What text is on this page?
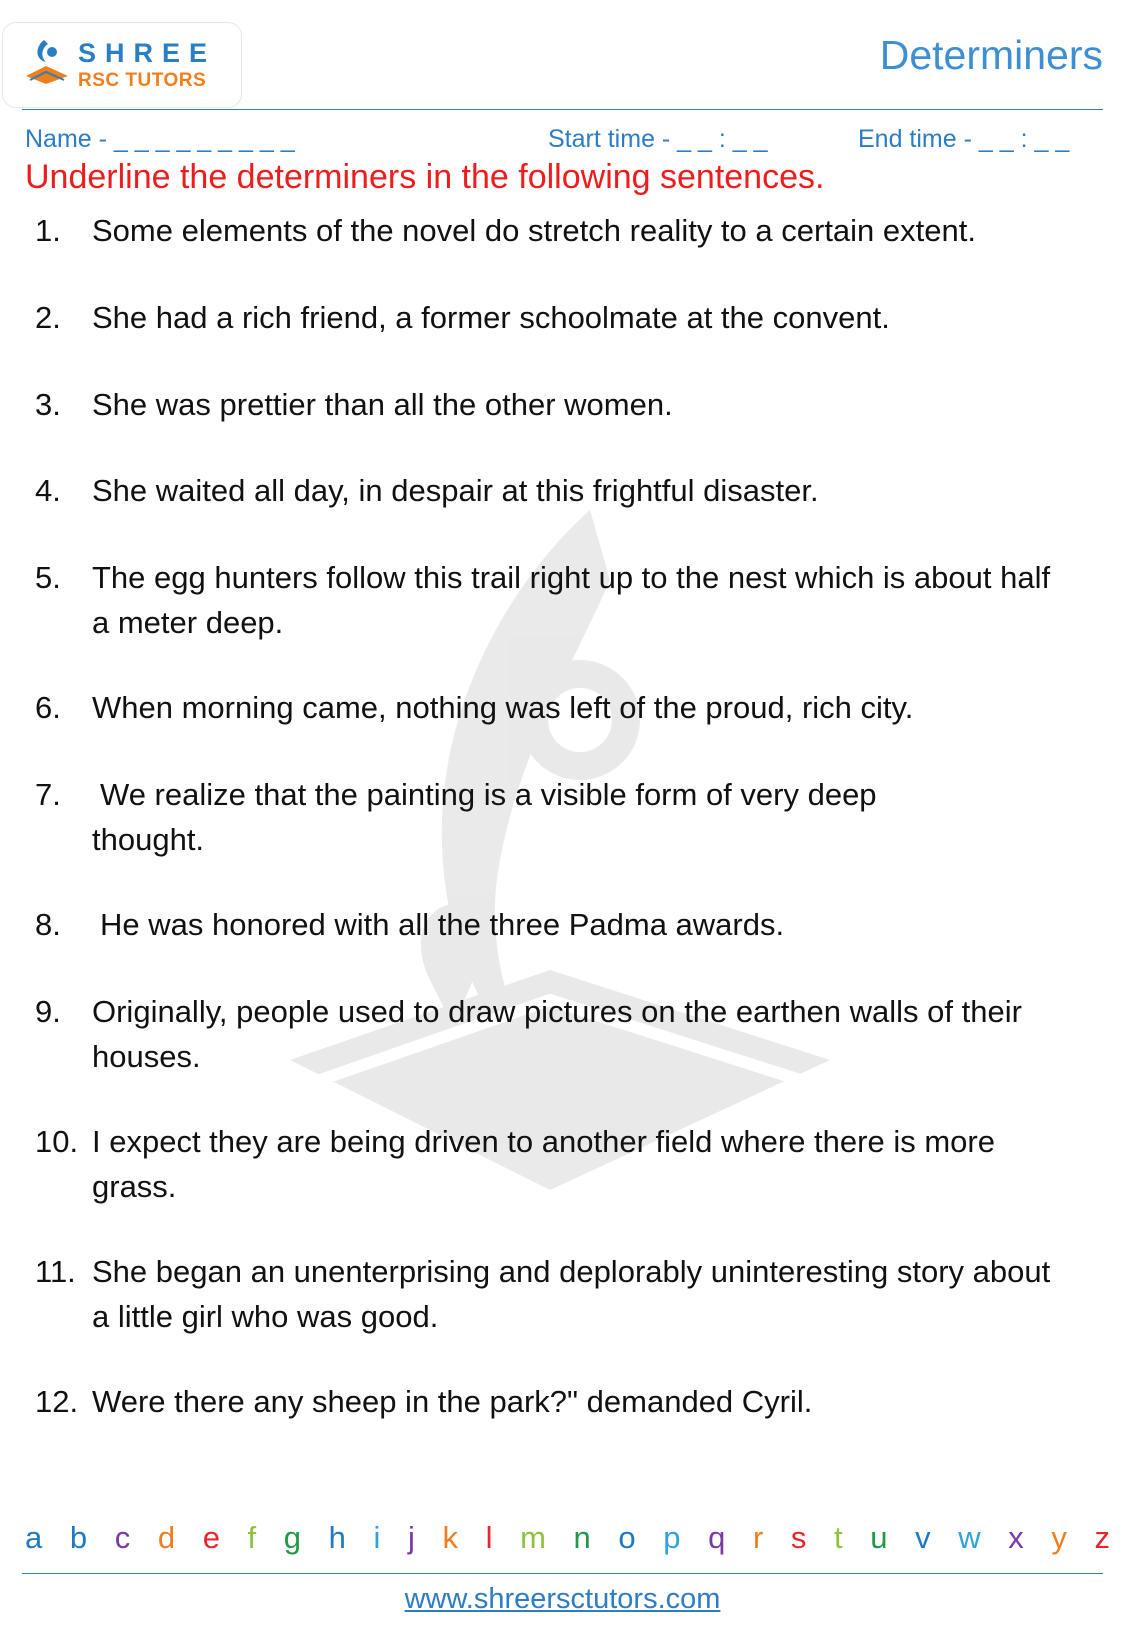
SHREE
RSC TUTORS
Determiners
Name - _ _ _ _ _ _ _ _ _	Start time - _ _ : _ _	End time - _ _ : _ _
Underline the determiners in the following sentences.
1. Some elements of the novel do stretch reality to a certain extent.
2. She had a rich friend, a former schoolmate at the convent.
3. She was prettier than all the other women.
4. She waited all day, in despair at this frightful disaster.
5. The egg hunters follow this trail right up to the nest which is about half a meter deep.
6. When morning came, nothing was left of the proud, rich city.
7. We realize that the painting is a visible form of very deep thought.
8. He was honored with all the three Padma awards.
9. Originally, people used to draw pictures on the earthen walls of their houses.
10. I expect they are being driven to another field where there is more grass.
11. She began an unenterprising and deplorably uninteresting story about a little girl who was good.
12. Were there any sheep in the park?" demanded Cyril.
a b c d e f g h i j k l m n o p q r s t u v w x y z
www.shreersctutors.com
